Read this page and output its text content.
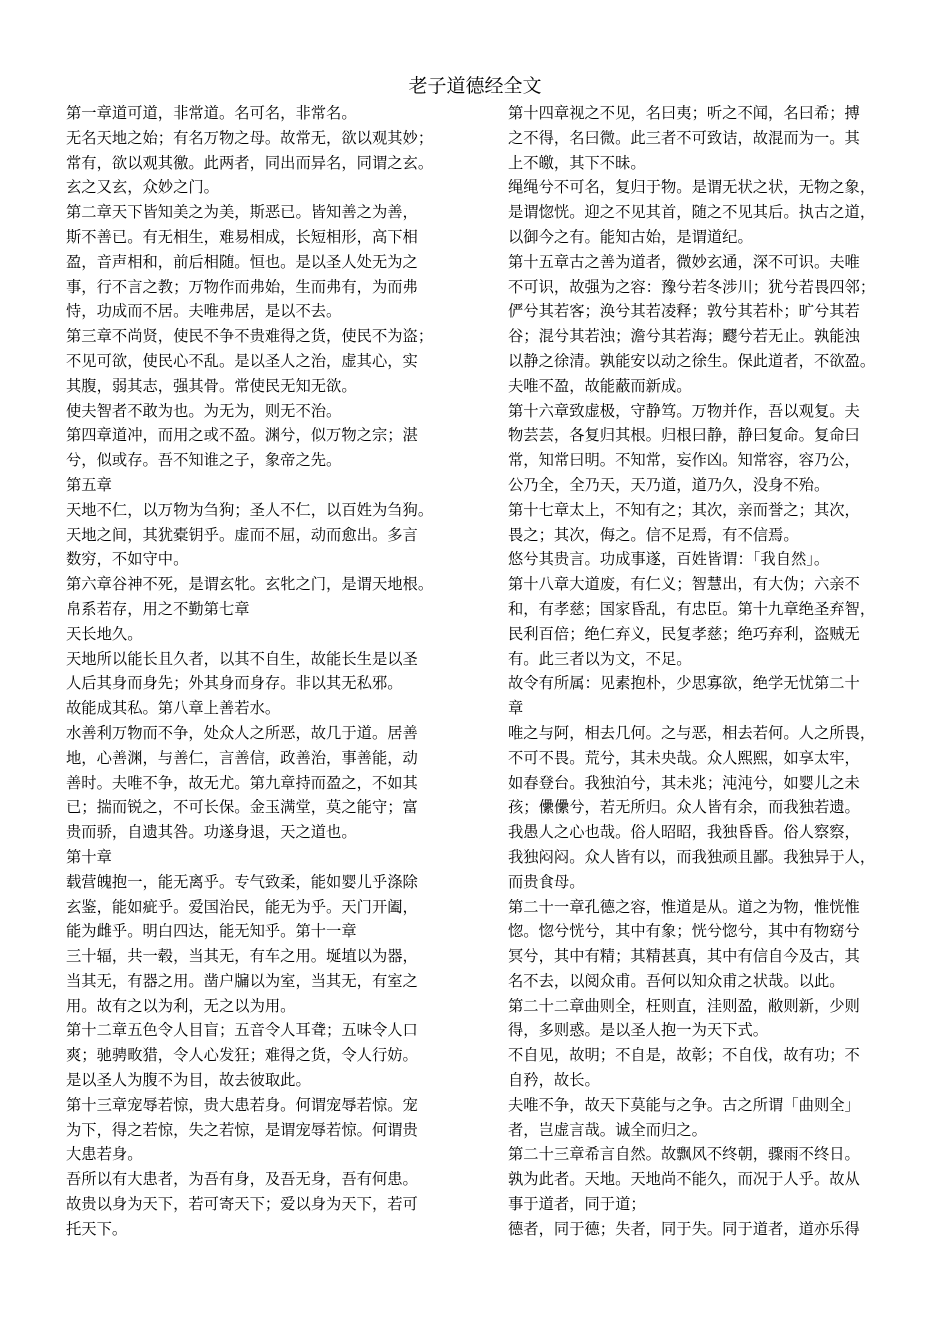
老子道德经全文
第一章道可道，非常道。名可名，非常名。
无名天地之始；有名万物之母。故常无，欲以观其妙；
常有，欲以观其徼。此两者，同出而异名，同谓之玄。
玄之又玄，众妙之门。
第二章天下皆知美之为美，斯恶已。皆知善之为善，
斯不善已。有无相生，难易相成，长短相形，高下相
盈，音声相和，前后相随。恒也。是以圣人处无为之
事，行不言之教；万物作而弗始，生而弗有，为而弗
恃，功成而不居。夫唯弗居，是以不去。
第三章不尚贤，使民不争不贵难得之货，使民不为盗；
不见可欲，使民心不乱。是以圣人之治，虚其心，实
其腹，弱其志，强其骨。常使民无知无欲。
使夫智者不敢为也。为无为，则无不治。
第四章道冲，而用之或不盈。渊兮，似万物之宗；湛
兮，似或存。吾不知谁之子，象帝之先。
第五章
天地不仁，以万物为刍狗；圣人不仁，以百姓为刍狗。
天地之间，其犹橐钥乎。虚而不屈，动而愈出。多言
数穷，不如守中。
第六章谷神不死，是谓玄牝。玄牝之门，是谓天地根。
帛系若存，用之不勤第七章
天长地久。
天地所以能长且久者，以其不自生，故能长生是以圣
人后其身而身先；外其身而身存。非以其无私邪。
故能成其私。第八章上善若水。
水善利万物而不争，处众人之所恶，故几于道。居善
地，心善渊，与善仁，言善信，政善治，事善能，动
善时。夫唯不争，故无尤。第九章持而盈之，不如其
已；揣而锐之，不可长保。金玉满堂，莫之能守；富
贵而骄，自遗其咎。功遂身退，天之道也。
第十章
载营魄抱一，能无离乎。专气致柔，能如婴儿乎涤除
玄鉴，能如疵乎。爱国治民，能无为乎。天门开阖，
能为雌乎。明白四达，能无知乎。第十一章
三十辐，共一毂，当其无，有车之用。埏埴以为器，
当其无，有器之用。凿户牖以为室，当其无，有室之
用。故有之以为利，无之以为用。
第十二章五色令人目盲；五音令人耳聋；五味令人口
爽；驰骋畋猎，令人心发狂；难得之货，令人行妨。
是以圣人为腹不为目，故去彼取此。
第十三章宠辱若惊，贵大患若身。何谓宠辱若惊。宠
为下，得之若惊，失之若惊，是谓宠辱若惊。何谓贵
大患若身。
吾所以有大患者，为吾有身，及吾无身，吾有何患。
故贵以身为天下，若可寄天下；爱以身为天下，若可
托天下。
第十四章视之不见，名曰夷；听之不闻，名曰希；搏
之不得，名曰微。此三者不可致诘，故混而为一。其
上不皦，其下不昧。
绳绳兮不可名，复归于物。是谓无状之状，无物之象，
是谓惚恍。迎之不见其首，随之不见其后。执古之道，
以御今之有。能知古始，是谓道纪。
第十五章古之善为道者，微妙玄通，深不可识。夫唯
不可识，故强为之容：豫兮若冬涉川；犹兮若畏四邻；
俨兮其若客；涣兮其若凌释；敦兮其若朴；旷兮其若
谷；混兮其若浊；澹兮其若海；飂兮若无止。孰能浊
以静之徐清。孰能安以动之徐生。保此道者，不欲盈。
夫唯不盈，故能蔽而新成。
第十六章致虚极，守静笃。万物并作，吾以观复。夫
物芸芸，各复归其根。归根曰静，静曰复命。复命曰
常，知常曰明。不知常，妄作凶。知常容，容乃公，
公乃全，全乃天，天乃道，道乃久，没身不殆。
第十七章太上，不知有之；其次，亲而誉之；其次，
畏之；其次，侮之。信不足焉，有不信焉。
悠兮其贵言。功成事遂，百姓皆谓：「我自然」。
第十八章大道废，有仁义；智慧出，有大伪；六亲不
和，有孝慈；国家昏乱，有忠臣。第十九章绝圣弃智，
民利百倍；绝仁弃义，民复孝慈；绝巧弃利，盗贼无
有。此三者以为文，不足。
故令有所属：见素抱朴，少思寡欲，绝学无忧第二十
章
唯之与阿，相去几何。之与恶，相去若何。人之所畏，
不可不畏。荒兮，其未央哉。众人熙熙，如享太牢，
如春登台。我独泊兮，其未兆；沌沌兮，如婴儿之未
孩；儽儽兮，若无所归。众人皆有余，而我独若遗。
我愚人之心也哉。俗人昭昭，我独昏昏。俗人察察，
我独闷闷。众人皆有以，而我独顽且鄙。我独异于人，
而贵食母。
第二十一章孔德之容，惟道是从。道之为物，惟恍惟
惚。惚兮恍兮，其中有象；恍兮惚兮，其中有物窈兮
冥兮，其中有精；其精甚真，其中有信自今及古，其
名不去，以阅众甫。吾何以知众甫之状哉。以此。
第二十二章曲则全，枉则直，洼则盈，敝则新，少则
得，多则惑。是以圣人抱一为天下式。
不自见，故明；不自是，故彰；不自伐，故有功；不
自矜，故长。
夫唯不争，故天下莫能与之争。古之所谓「曲则全」
者，岂虚言哉。诚全而归之。
第二十三章希言自然。故飘风不终朝，骤雨不终日。
孰为此者。天地。天地尚不能久，而况于人乎。故从
事于道者，同于道；
德者，同于德；失者，同于失。同于道者，道亦乐得
